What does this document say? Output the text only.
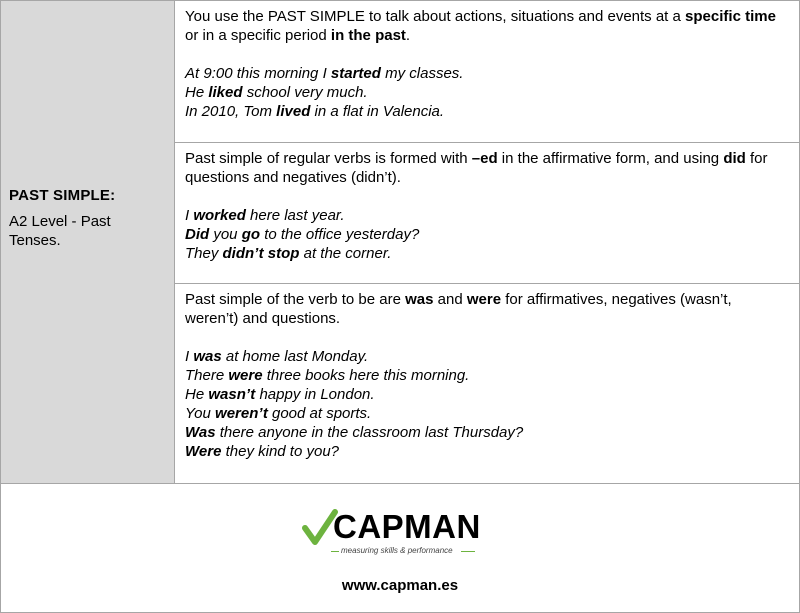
PAST SIMPLE:
A2 Level - Past Tenses.

You use the PAST SIMPLE to talk about actions, situations and events at a specific time or in a specific period in the past.

At 9:00 this morning I started my classes.

He liked school very much.

In 2010, Tom lived in a flat in Valencia.

Past simple of regular verbs is formed with –ed in the affirmative form, and using did for questions and negatives (didn’t).

I worked here last year.

Did you go to the office yesterday?

They didn’t stop at the corner.

Past simple of the verb to be are was and were for affirmatives, negatives (wasn’t, weren’t) and questions.

I was at home last Monday.

There were three books here this morning.

He wasn’t happy in London.

You weren’t good at sports.

Was there anyone in the classroom last Thursday?

Were they kind to you?

CAPMAN
measuring skills & performance
www.capman.es
